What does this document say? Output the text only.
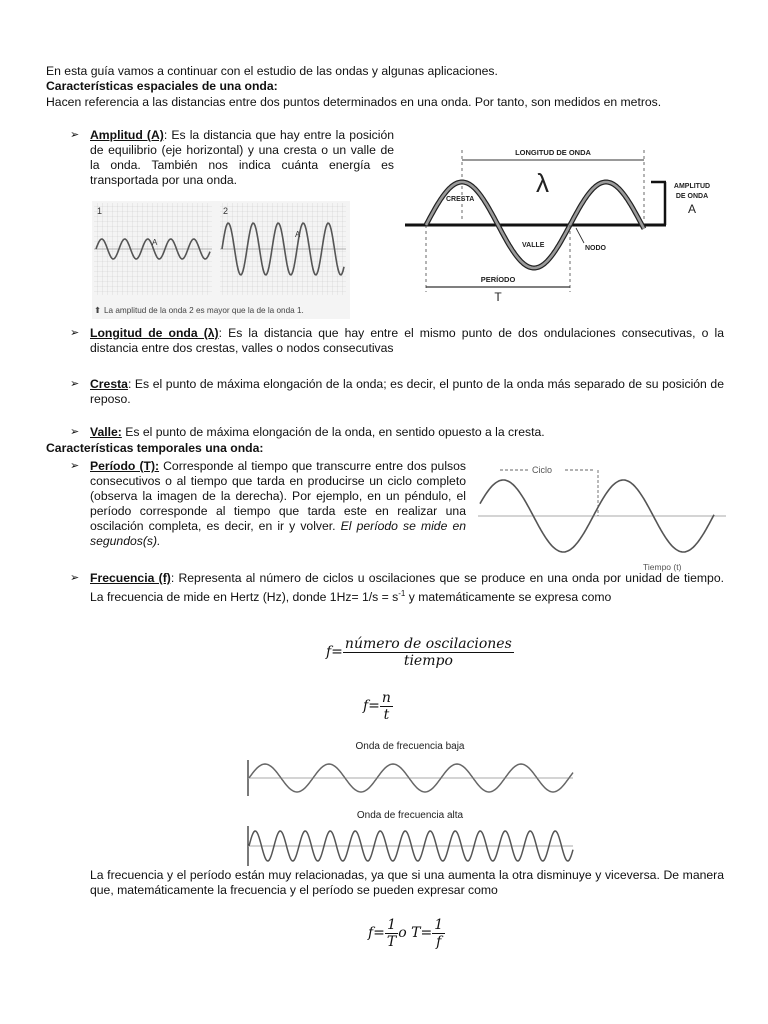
En esta guía vamos a continuar con el estudio de las ondas y algunas aplicaciones.
Características espaciales de una onda:
Hacen referencia a las distancias entre dos puntos determinados en una onda. Por tanto, son medidos en metros.
➢ Amplitud (A): Es la distancia que hay entre la posición de equilibrio (eje horizontal) y una cresta o un valle de la onda. También nos indica cuánta energía es transportada por una onda.
1	2
A
A
⬆ La amplitud de la onda 2 es mayor que la de la onda 1.
LONGITUD DE ONDA
λ	AMPLITUD
DE ONDA
A
CRESTA
VALLE	NODO
PERÍODO
T
➢ Longitud de onda (λ): Es la distancia que hay entre el mismo punto de dos ondulaciones consecutivas, o la distancia entre dos crestas, valles o nodos consecutivas
➢ Cresta: Es el punto de máxima elongación de la onda; es decir, el punto de la onda más separado de su posición de reposo.
➢ Valle: Es el punto de máxima elongación de la onda, en sentido opuesto a la cresta.
Características temporales una onda:
➢ Período (T): Corresponde al tiempo que transcurre entre dos pulsos consecutivos o al tiempo que tarda en producirse un ciclo completo (observa la imagen de la derecha). Por ejemplo, en un péndulo, el período corresponde al tiempo que tarda este en realizar una oscilación completa, es decir, en ir y volver. El período se mide en segundos(s).
Ciclo
Tiempo (t)
➢ Frecuencia (f): Representa al número de ciclos u oscilaciones que se produce en una onda por unidad de tiempo. La frecuencia de mide en Hertz (Hz), donde $1Hz= 1/s = s^{-1}$ y matemáticamente se expresa como
$f= \frac{\text{número de oscilaciones}}{\text{tiempo}}$
$f= \frac{n}{t}$
Onda de frecuencia baja
Onda de frecuencia alta
La frecuencia y el período están muy relacionadas, ya que si una aumenta la otra disminuye y viceversa. De manera que, matemáticamente la frecuencia y el período se pueden expresar como
$f= \frac{1}{T}$ o $T= \frac{1}{f}$
